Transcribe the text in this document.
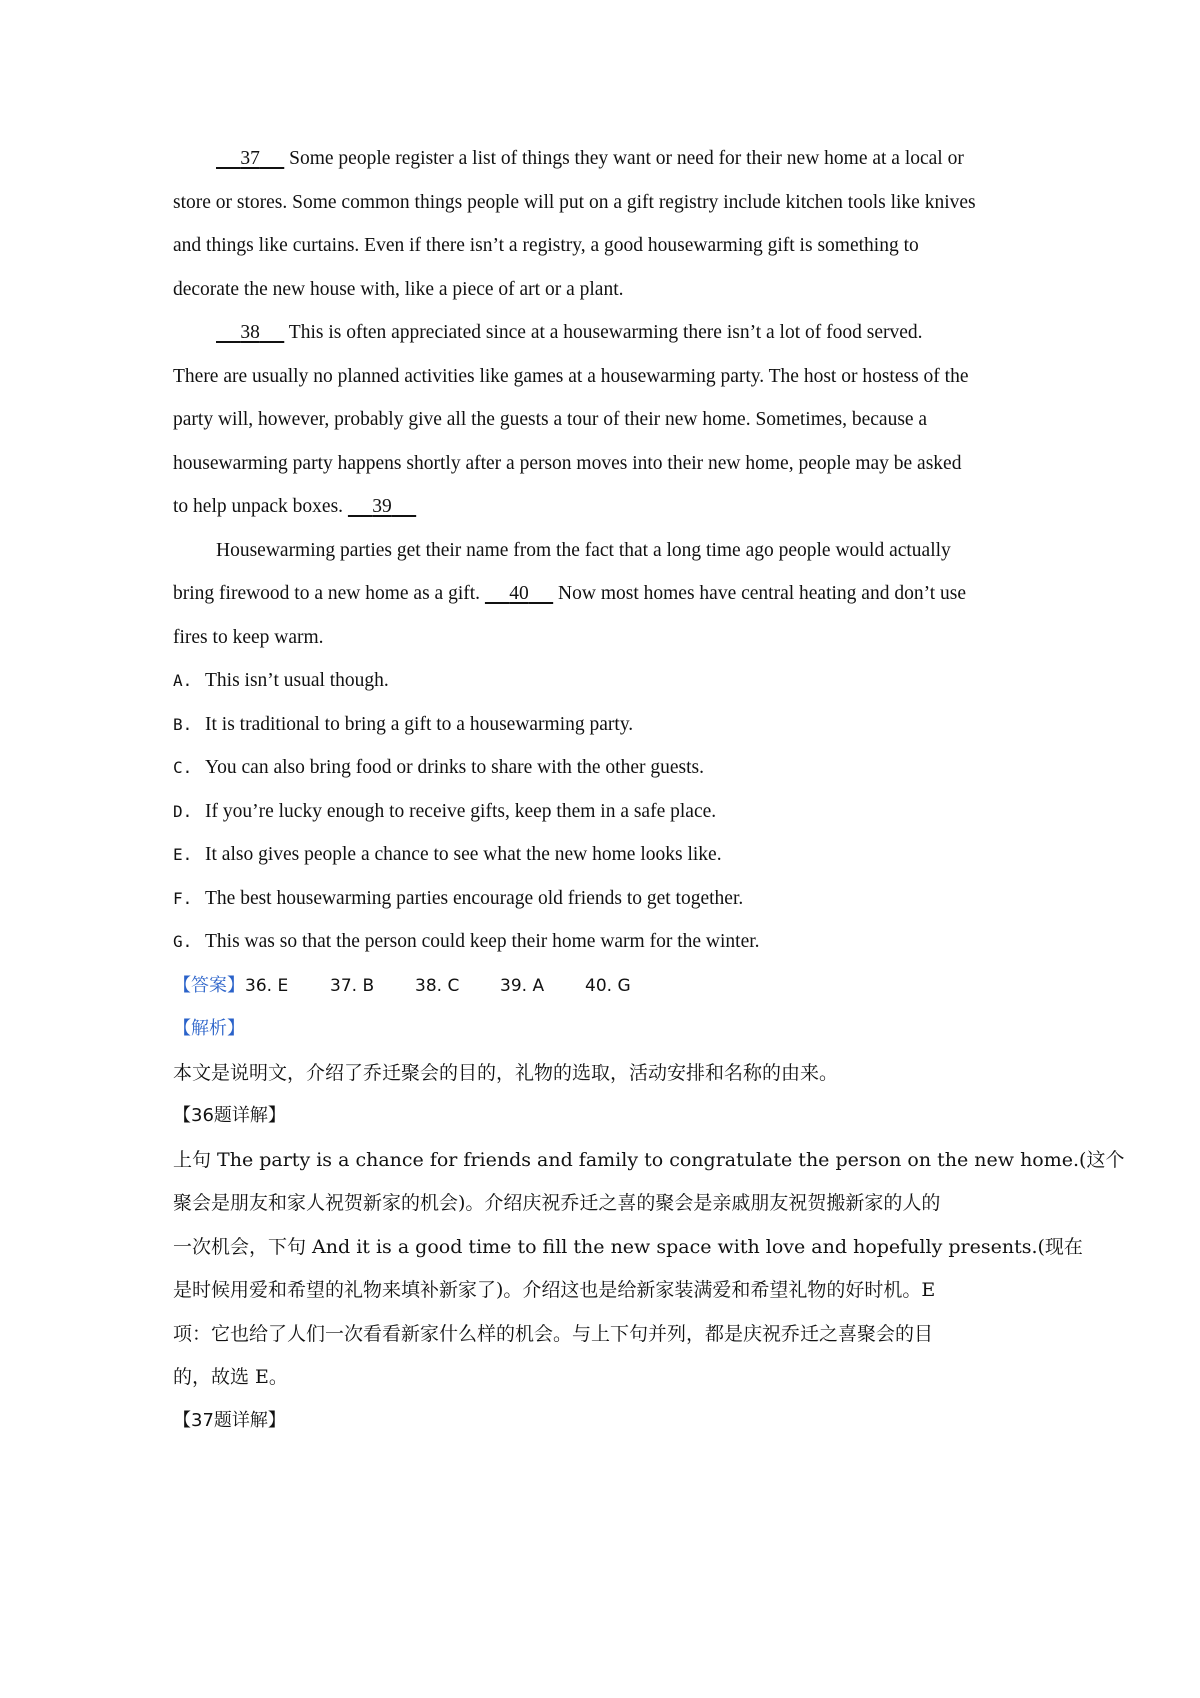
37 Some people register a list of things they want or need for their new home at a local or
store or stores. Some common things people will put on a gift registry include kitchen tools like knives
and things like curtains. Even if there isn’t a registry, a good housewarming gift is something to
decorate the new house with, like a piece of art or a plant.
38 This is often appreciated since at a housewarming there isn’t a lot of food served.
There are usually no planned activities like games at a housewarming party. The host or hostess of the
party will, however, probably give all the guests a tour of their new home. Sometimes, because a
housewarming party happens shortly after a person moves into their new home, people may be asked
to help unpack boxes. 39
Housewarming parties get their name from the fact that a long time ago people would actually
bring firewood to a new home as a gift. 40 Now most homes have central heating and don’t use
fires to keep warm.
A. This isn’t usual though.
B. It is traditional to bring a gift to a housewarming party.
C. You can also bring food or drinks to share with the other guests.
D. If you’re lucky enough to receive gifts, keep them in a safe place.
E. It also gives people a chance to see what the new home looks like.
F. The best housewarming parties encourage old friends to get together.
G. This was so that the person could keep their home warm for the winter.
【答案】36. E 37. B 38. C 39. A 40. G
【解析】
本文是说明文，介绍了乔迁聚会的目的，礼物的选取，活动安排和名称的由来。
【36题详解】
上句 The party is a chance for friends and family to congratulate the person on the new home.(这个
聚会是朋友和家人祝贺新家的机会)。介绍庆祝乔迁之喜的聚会是亲戚朋友祝贺搬新家的人的
一次机会，下句 And it is a good time to fill the new space with love and hopefully presents.(现在
是时候用爱和希望的礼物来填补新家了)。介绍这也是给新家装满爱和希望礼物的好时机。E
项：它也给了人们一次看看新家什么样的机会。与上下句并列，都是庆祝乔迁之喜聚会的目
的，故选 E。
【37题详解】
